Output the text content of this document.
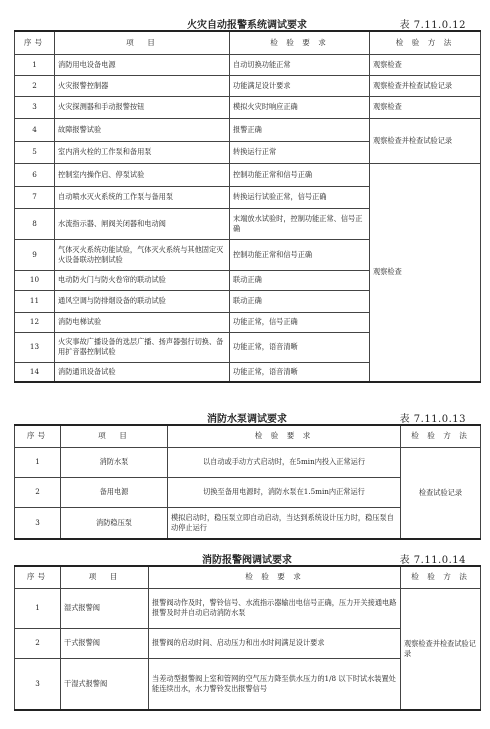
火灾自动报警系统调试要求	表 7.11.0.12
序号	项　目	检 验 要 求	检 验 方 法
1	消防用电设备电源	自动切换功能正常	观察检查
2	火灾报警控制器	功能满足设计要求	观察检查并检查试验记录
3	火灾探测器和手动报警按钮	模拟火灾时响应正确	观察检查
4	故障报警试验	报警正确	观察检查并检查试验记录
5	室内消火栓的工作泵和备用泵	转换运行正常	
6	控制室内操作启、停泵试验	控制功能正常和信号正确	观察检查
7	自动喷水灭火系统的工作泵与备用泵	转换运行试验正常，信号正确	
8	水流指示器、闸阀关闭器和电动阀	末端放水试验时，控制功能正常、信号正确	
9	气体灭火系统功能试验，气体灭火系统与其他固定灭火设备联动控制试验	控制功能正常和信号正确	
10	电动防火门与防火卷帘的联动试验	联动正确	
11	通风空调与防排烟设备的联动试验	联动正确	
12	消防电梯试验	功能正常，信号正确	
13	火灾事故广播设备的选层广播、扬声器强行切换、备用扩音器控制试验	功能正常，语音清晰	
14	消防通讯设备试验	功能正常，语音清晰	
消防水泵调试要求	表 7.11.0.13
序号	项　目	检 验 要 求	检 验 方 法
1	消防水泵	以自动或手动方式启动时，在5min内投入正常运行	检查试验记录
2	备用电源	切换至备用电源时，消防水泵在1.5min内正常运行	
3	消防稳压泵	模拟启动时，稳压泵立即自动启动，当达到系统设计压力时，稳压泵自动停止运行	
消防报警阀调试要求	表 7.11.0.14
序号	项　目	检 验 要 求	检 验 方 法
1	湿式报警阀	报警阀动作及时，警铃信号、水流指示器输出电信号正确，压力开关接通电路报警及时并自动启动消防水泵	观察检查并检查试验记录
2	干式报警阀	报警阀的启动时间、启动压力和出水时间满足设计要求	
3	干湿式报警阀	当差动型报警阀上室和管网的空气压力降至供水压力的1/8 以下时试水装置处能连续出水，水力警铃发出报警信号	
